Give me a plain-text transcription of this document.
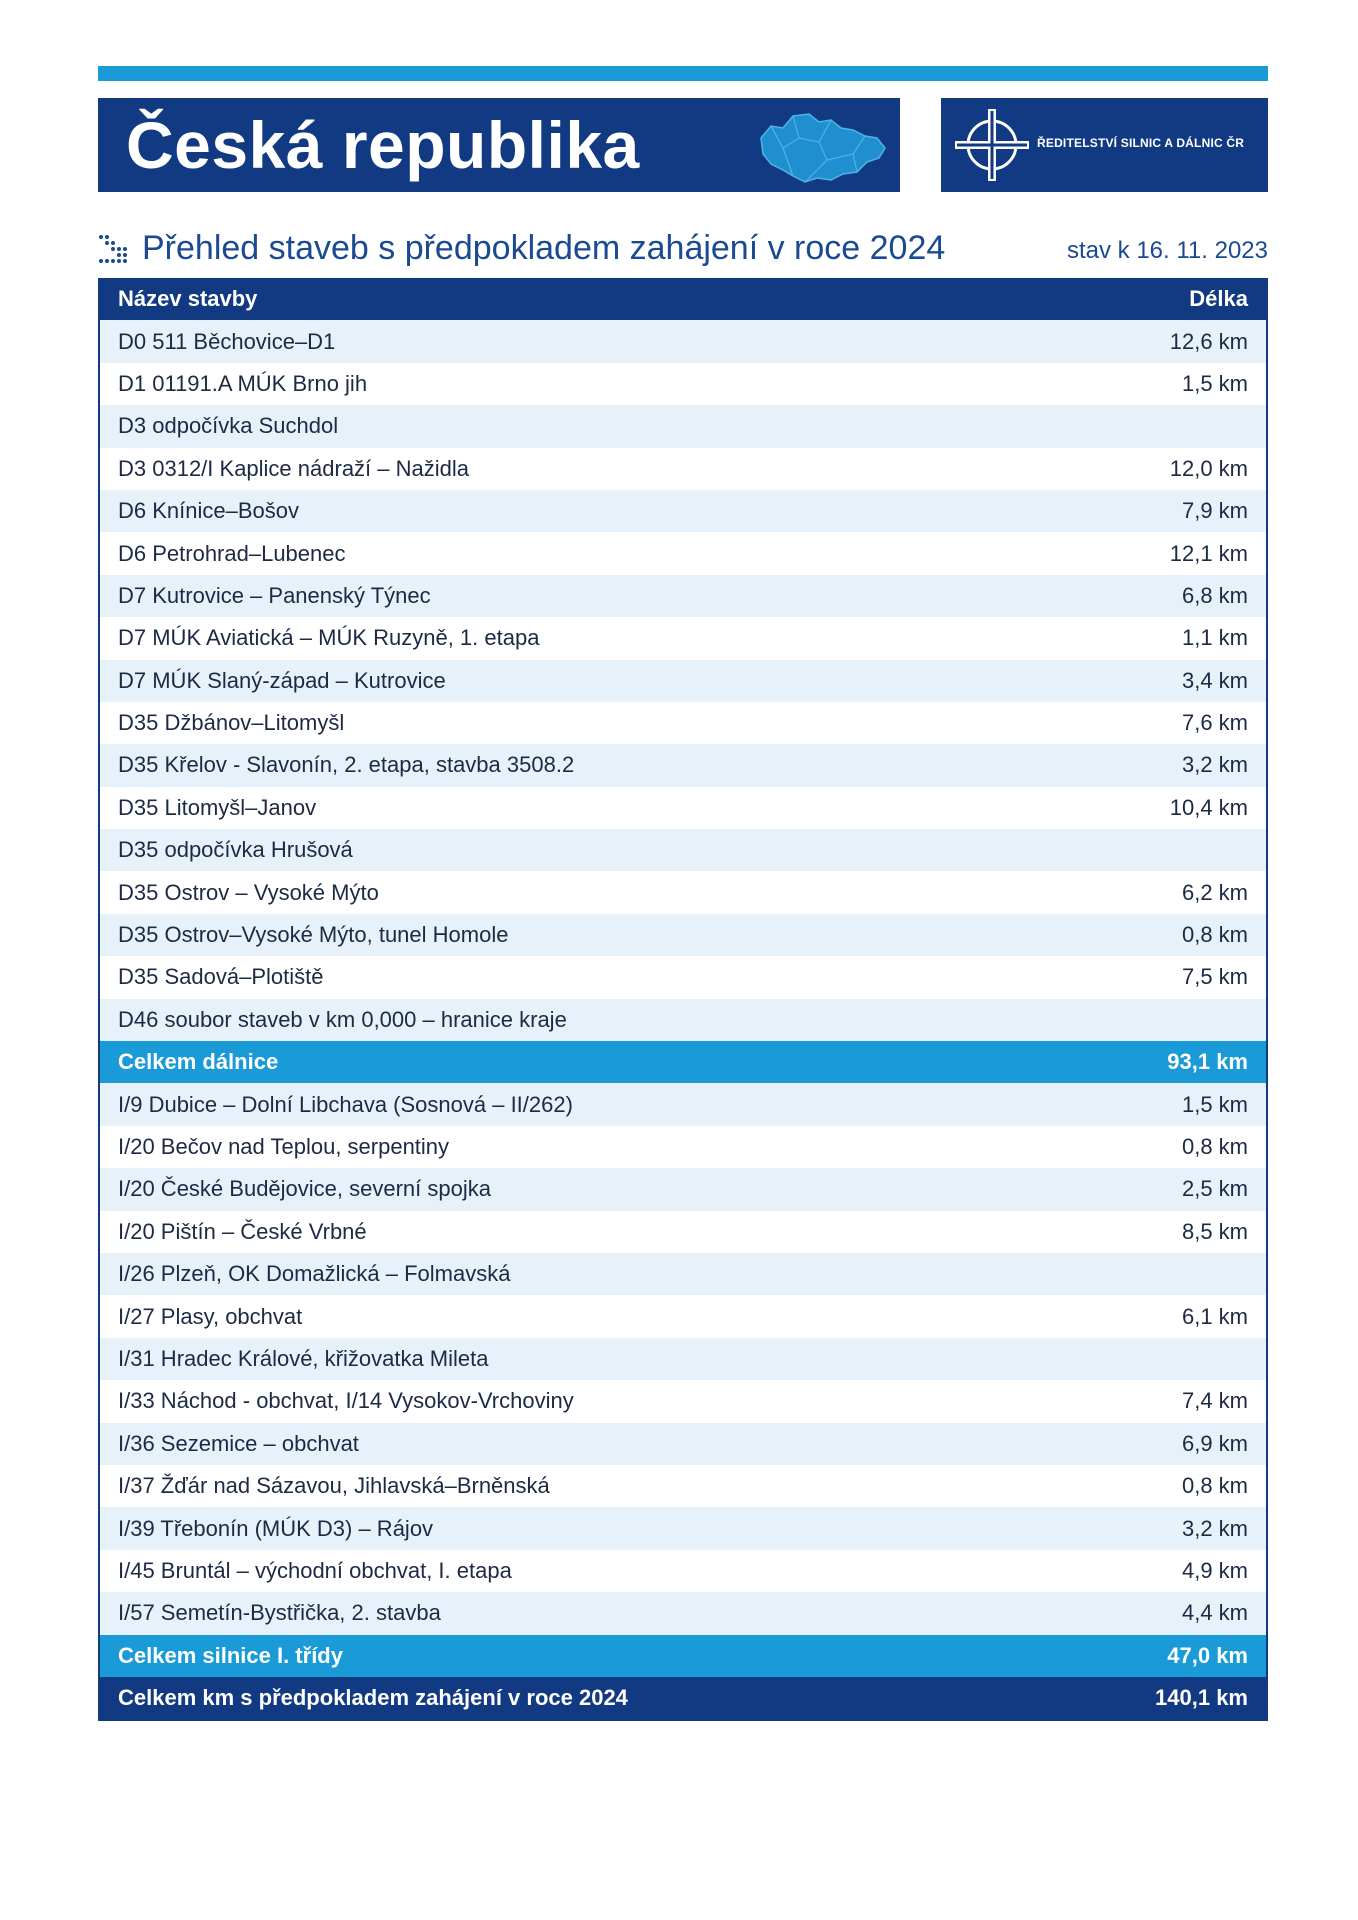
Česká republika	ŘEDITELSTVÍ SILNIC A DÁLNIC ČR
Přehled staveb s předpokladem zahájení v roce 2024	stav k 16. 11. 2023
Název stavby	Délka
D0 511 Běchovice–D1	12,6 km
D1 01191.A MÚK Brno jih	1,5 km
D3 odpočívka Suchdol
D3 0312/I Kaplice nádraží – Nažidla	12,0 km
D6 Knínice–Bošov	7,9 km
D6 Petrohrad–Lubenec	12,1 km
D7 Kutrovice – Panenský Týnec	6,8 km
D7 MÚK Aviatická – MÚK Ruzyně, 1. etapa	1,1 km
D7 MÚK Slaný-západ – Kutrovice	3,4 km
D35 Džbánov–Litomyšl	7,6 km
D35 Křelov - Slavonín, 2. etapa, stavba 3508.2	3,2 km
D35 Litomyšl–Janov	10,4 km
D35 odpočívka Hrušová
D35 Ostrov – Vysoké Mýto	6,2 km
D35 Ostrov–Vysoké Mýto, tunel Homole	0,8 km
D35 Sadová–Plotiště	7,5 km
D46 soubor staveb v km 0,000 – hranice kraje
Celkem dálnice	93,1 km
I/9 Dubice – Dolní Libchava (Sosnová – II/262)	1,5 km
I/20 Bečov nad Teplou, serpentiny	0,8 km
I/20 České Budějovice, severní spojka	2,5 km
I/20 Pištín – České Vrbné	8,5 km
I/26 Plzeň, OK Domažlická – Folmavská
I/27 Plasy, obchvat	6,1 km
I/31 Hradec Králové, křižovatka Mileta
I/33 Náchod - obchvat, I/14 Vysokov-Vrchoviny	7,4 km
I/36 Sezemice – obchvat	6,9 km
I/37 Žďár nad Sázavou, Jihlavská–Brněnská	0,8 km
I/39 Třebonín (MÚK D3) – Rájov	3,2 km
I/45 Bruntál – východní obchvat, I. etapa	4,9 km
I/57 Semetín-Bystřička, 2. stavba	4,4 km
Celkem silnice I. třídy	47,0 km
Celkem km s předpokladem zahájení v roce 2024	140,1 km
